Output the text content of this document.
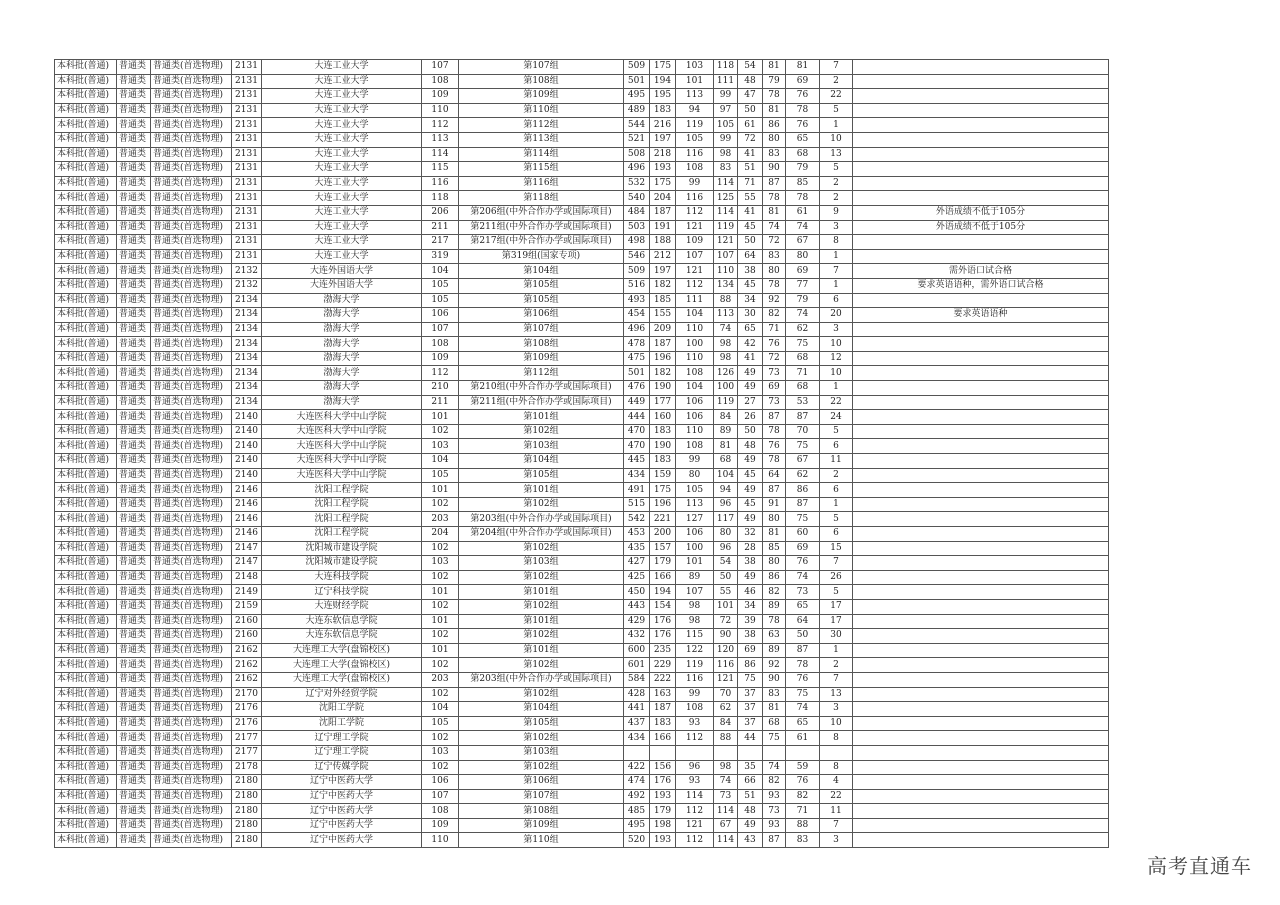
本科批(普通)	普通类	普通类(首选物理)	2131	大连工业大学	107	第107组	509	175	103	118	54	81	81	7	
本科批(普通)	普通类	普通类(首选物理)	2131	大连工业大学	108	第108组	501	194	101	111	48	79	69	2	
本科批(普通)	普通类	普通类(首选物理)	2131	大连工业大学	109	第109组	495	195	113	99	47	78	76	22	
本科批(普通)	普通类	普通类(首选物理)	2131	大连工业大学	110	第110组	489	183	94	97	50	81	78	5	
本科批(普通)	普通类	普通类(首选物理)	2131	大连工业大学	112	第112组	544	216	119	105	61	86	76	1	
本科批(普通)	普通类	普通类(首选物理)	2131	大连工业大学	113	第113组	521	197	105	99	72	80	65	10	
本科批(普通)	普通类	普通类(首选物理)	2131	大连工业大学	114	第114组	508	218	116	98	41	83	68	13	
本科批(普通)	普通类	普通类(首选物理)	2131	大连工业大学	115	第115组	496	193	108	83	51	90	79	5	
本科批(普通)	普通类	普通类(首选物理)	2131	大连工业大学	116	第116组	532	175	99	114	71	87	85	2	
本科批(普通)	普通类	普通类(首选物理)	2131	大连工业大学	118	第118组	540	204	116	125	55	78	78	2	
本科批(普通)	普通类	普通类(首选物理)	2131	大连工业大学	206	第206组(中外合作办学或国际项目)	484	187	112	114	41	81	61	9	外语成绩不低于105分
本科批(普通)	普通类	普通类(首选物理)	2131	大连工业大学	211	第211组(中外合作办学或国际项目)	503	191	121	119	45	74	74	3	外语成绩不低于105分
本科批(普通)	普通类	普通类(首选物理)	2131	大连工业大学	217	第217组(中外合作办学或国际项目)	498	188	109	121	50	72	67	8	
本科批(普通)	普通类	普通类(首选物理)	2131	大连工业大学	319	第319组(国家专项)	546	212	107	107	64	83	80	1	
本科批(普通)	普通类	普通类(首选物理)	2132	大连外国语大学	104	第104组	509	197	121	110	38	80	69	7	需外语口试合格
本科批(普通)	普通类	普通类(首选物理)	2132	大连外国语大学	105	第105组	516	182	112	134	45	78	77	1	要求英语语种，需外语口试合格
本科批(普通)	普通类	普通类(首选物理)	2134	渤海大学	105	第105组	493	185	111	88	34	92	79	6	
本科批(普通)	普通类	普通类(首选物理)	2134	渤海大学	106	第106组	454	155	104	113	30	82	74	20	要求英语语种
本科批(普通)	普通类	普通类(首选物理)	2134	渤海大学	107	第107组	496	209	110	74	65	71	62	3	
本科批(普通)	普通类	普通类(首选物理)	2134	渤海大学	108	第108组	478	187	100	98	42	76	75	10	
本科批(普通)	普通类	普通类(首选物理)	2134	渤海大学	109	第109组	475	196	110	98	41	72	68	12	
本科批(普通)	普通类	普通类(首选物理)	2134	渤海大学	112	第112组	501	182	108	126	49	73	71	10	
本科批(普通)	普通类	普通类(首选物理)	2134	渤海大学	210	第210组(中外合作办学或国际项目)	476	190	104	100	49	69	68	1	
本科批(普通)	普通类	普通类(首选物理)	2134	渤海大学	211	第211组(中外合作办学或国际项目)	449	177	106	119	27	73	53	22	
本科批(普通)	普通类	普通类(首选物理)	2140	大连医科大学中山学院	101	第101组	444	160	106	84	26	87	87	24	
本科批(普通)	普通类	普通类(首选物理)	2140	大连医科大学中山学院	102	第102组	470	183	110	89	50	78	70	5	
本科批(普通)	普通类	普通类(首选物理)	2140	大连医科大学中山学院	103	第103组	470	190	108	81	48	76	75	6	
本科批(普通)	普通类	普通类(首选物理)	2140	大连医科大学中山学院	104	第104组	445	183	99	68	49	78	67	11	
本科批(普通)	普通类	普通类(首选物理)	2140	大连医科大学中山学院	105	第105组	434	159	80	104	45	64	62	2	
本科批(普通)	普通类	普通类(首选物理)	2146	沈阳工程学院	101	第101组	491	175	105	94	49	87	86	6	
本科批(普通)	普通类	普通类(首选物理)	2146	沈阳工程学院	102	第102组	515	196	113	96	45	91	87	1	
本科批(普通)	普通类	普通类(首选物理)	2146	沈阳工程学院	203	第203组(中外合作办学或国际项目)	542	221	127	117	49	80	75	5	
本科批(普通)	普通类	普通类(首选物理)	2146	沈阳工程学院	204	第204组(中外合作办学或国际项目)	453	200	106	80	32	81	60	6	
本科批(普通)	普通类	普通类(首选物理)	2147	沈阳城市建设学院	102	第102组	435	157	100	96	28	85	69	15	
本科批(普通)	普通类	普通类(首选物理)	2147	沈阳城市建设学院	103	第103组	427	179	101	54	38	80	76	7	
本科批(普通)	普通类	普通类(首选物理)	2148	大连科技学院	102	第102组	425	166	89	50	49	86	74	26	
本科批(普通)	普通类	普通类(首选物理)	2149	辽宁科技学院	101	第101组	450	194	107	55	46	82	73	5	
本科批(普通)	普通类	普通类(首选物理)	2159	大连财经学院	102	第102组	443	154	98	101	34	89	65	17	
本科批(普通)	普通类	普通类(首选物理)	2160	大连东软信息学院	101	第101组	429	176	98	72	39	78	64	17	
本科批(普通)	普通类	普通类(首选物理)	2160	大连东软信息学院	102	第102组	432	176	115	90	38	63	50	30	
本科批(普通)	普通类	普通类(首选物理)	2162	大连理工大学(盘锦校区)	101	第101组	600	235	122	120	69	89	87	1	
本科批(普通)	普通类	普通类(首选物理)	2162	大连理工大学(盘锦校区)	102	第102组	601	229	119	116	86	92	78	2	
本科批(普通)	普通类	普通类(首选物理)	2162	大连理工大学(盘锦校区)	203	第203组(中外合作办学或国际项目)	584	222	116	121	75	90	76	7	
本科批(普通)	普通类	普通类(首选物理)	2170	辽宁对外经贸学院	102	第102组	428	163	99	70	37	83	75	13	
本科批(普通)	普通类	普通类(首选物理)	2176	沈阳工学院	104	第104组	441	187	108	62	37	81	74	3	
本科批(普通)	普通类	普通类(首选物理)	2176	沈阳工学院	105	第105组	437	183	93	84	37	68	65	10	
本科批(普通)	普通类	普通类(首选物理)	2177	辽宁理工学院	102	第102组	434	166	112	88	44	75	61	8	
本科批(普通)	普通类	普通类(首选物理)	2177	辽宁理工学院	103	第103组									
本科批(普通)	普通类	普通类(首选物理)	2178	辽宁传媒学院	102	第102组	422	156	96	98	35	74	59	8	
本科批(普通)	普通类	普通类(首选物理)	2180	辽宁中医药大学	106	第106组	474	176	93	74	66	82	76	4	
本科批(普通)	普通类	普通类(首选物理)	2180	辽宁中医药大学	107	第107组	492	193	114	73	51	93	82	22	
本科批(普通)	普通类	普通类(首选物理)	2180	辽宁中医药大学	108	第108组	485	179	112	114	48	73	71	11	
本科批(普通)	普通类	普通类(首选物理)	2180	辽宁中医药大学	109	第109组	495	198	121	67	49	93	88	7	
本科批(普通)	普通类	普通类(首选物理)	2180	辽宁中医药大学	110	第110组	520	193	112	114	43	87	83	3	
高考直通车
